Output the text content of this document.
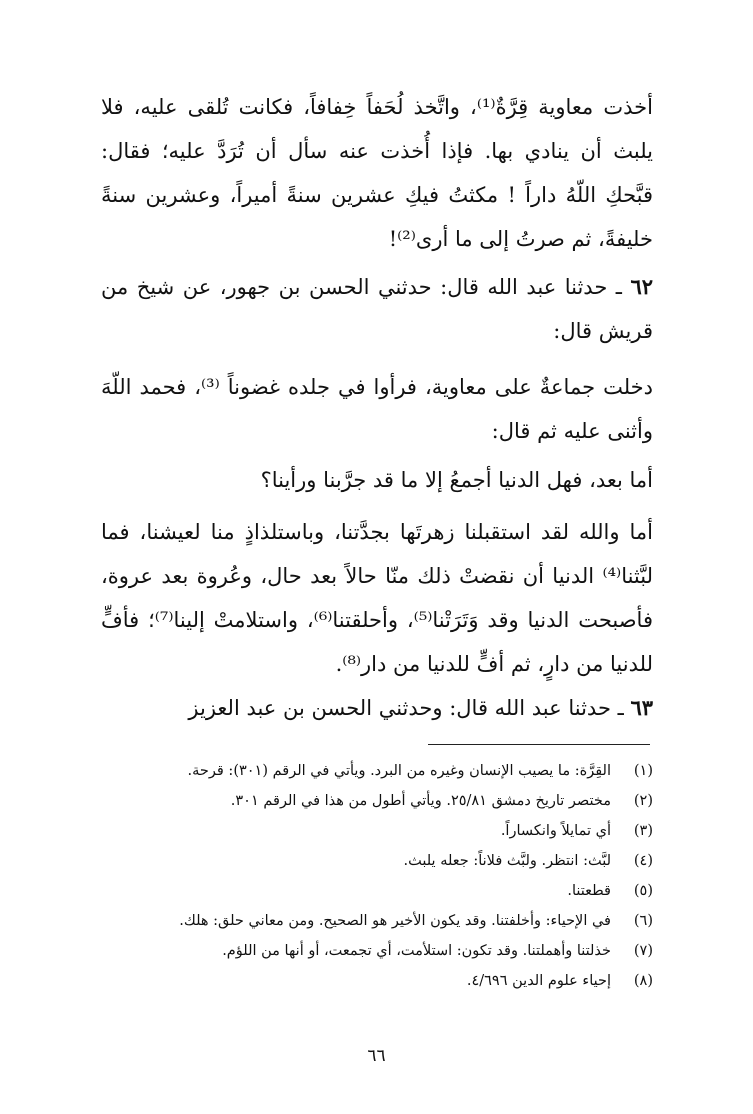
أخذت معاوية قِرَّةٌ⁽¹⁾، واتَّخذ لُحَفاً خِفافاً، فكانت تُلقى عليه، فلا يلبث أن ينادي بها. فإذا أُخذت عنه سأل أن تُرَدَّ عليه؛ فقال: قبَّحكِ اللّهُ داراً ! مكثتُ فيكِ عشرين سنةً أميراً، وعشرين سنةً خليفةً، ثم صرتُ إلى ما أرى⁽²⁾!

٦٢ ـ حدثنا عبد الله قال: حدثني الحسن بن جهور، عن شيخ من قريش قال:

دخلت جماعةٌ على معاوية، فرأوا في جلده غضوناً ⁽³⁾، فحمد اللّهَ وأثنى عليه ثم قال:

أما بعد، فهل الدنيا أجمعُ إلا ما قد جرَّبنا ورأينا؟

أما والله لقد استقبلنا زهرتَها بجدَّتنا، وباستلذاذٍ منا لعيشنا، فما لبَّثنا⁽⁴⁾ الدنيا أن نقضتْ ذلك منّا حالاً بعد حال، وعُروة بعد عروة، فأصبحت الدنيا وقد وَتَرَتْنا⁽⁵⁾، وأحلقتنا⁽⁶⁾، واستلامتْ إلينا⁽⁷⁾؛ فأفٍّ للدنيا من دارٍ، ثم أفٍّ للدنيا من دار⁽⁸⁾.

٦٣ ـ حدثنا عبد الله قال: وحدثني الحسن بن عبد العزيز

(١)
القِرَّة: ما يصيب الإنسان وغيره من البرد. ويأتي في الرقم (٣٠١): قرحة.
(٢)
مختصر تاريخ دمشق ٢٥/٨١. ويأتي أطول من هذا في الرقم ٣٠١.
(٣)
أي تمايلاً وانكساراً.
(٤)
لبَّث: انتظر. ولبَّث فلاناً: جعله يلبث.
(٥)
قطعتنا.
(٦)
في الإحياء: وأخلفتنا. وقد يكون الأخير هو الصحيح. ومن معاني حلق: هلك.
(٧)
خذلتنا وأهملتنا. وقد تكون: استلأمت، أي تجمعت، أو أنها من اللؤم.
(٨)
إحياء علوم الدين ٤/٦٩٦.
٦٦
